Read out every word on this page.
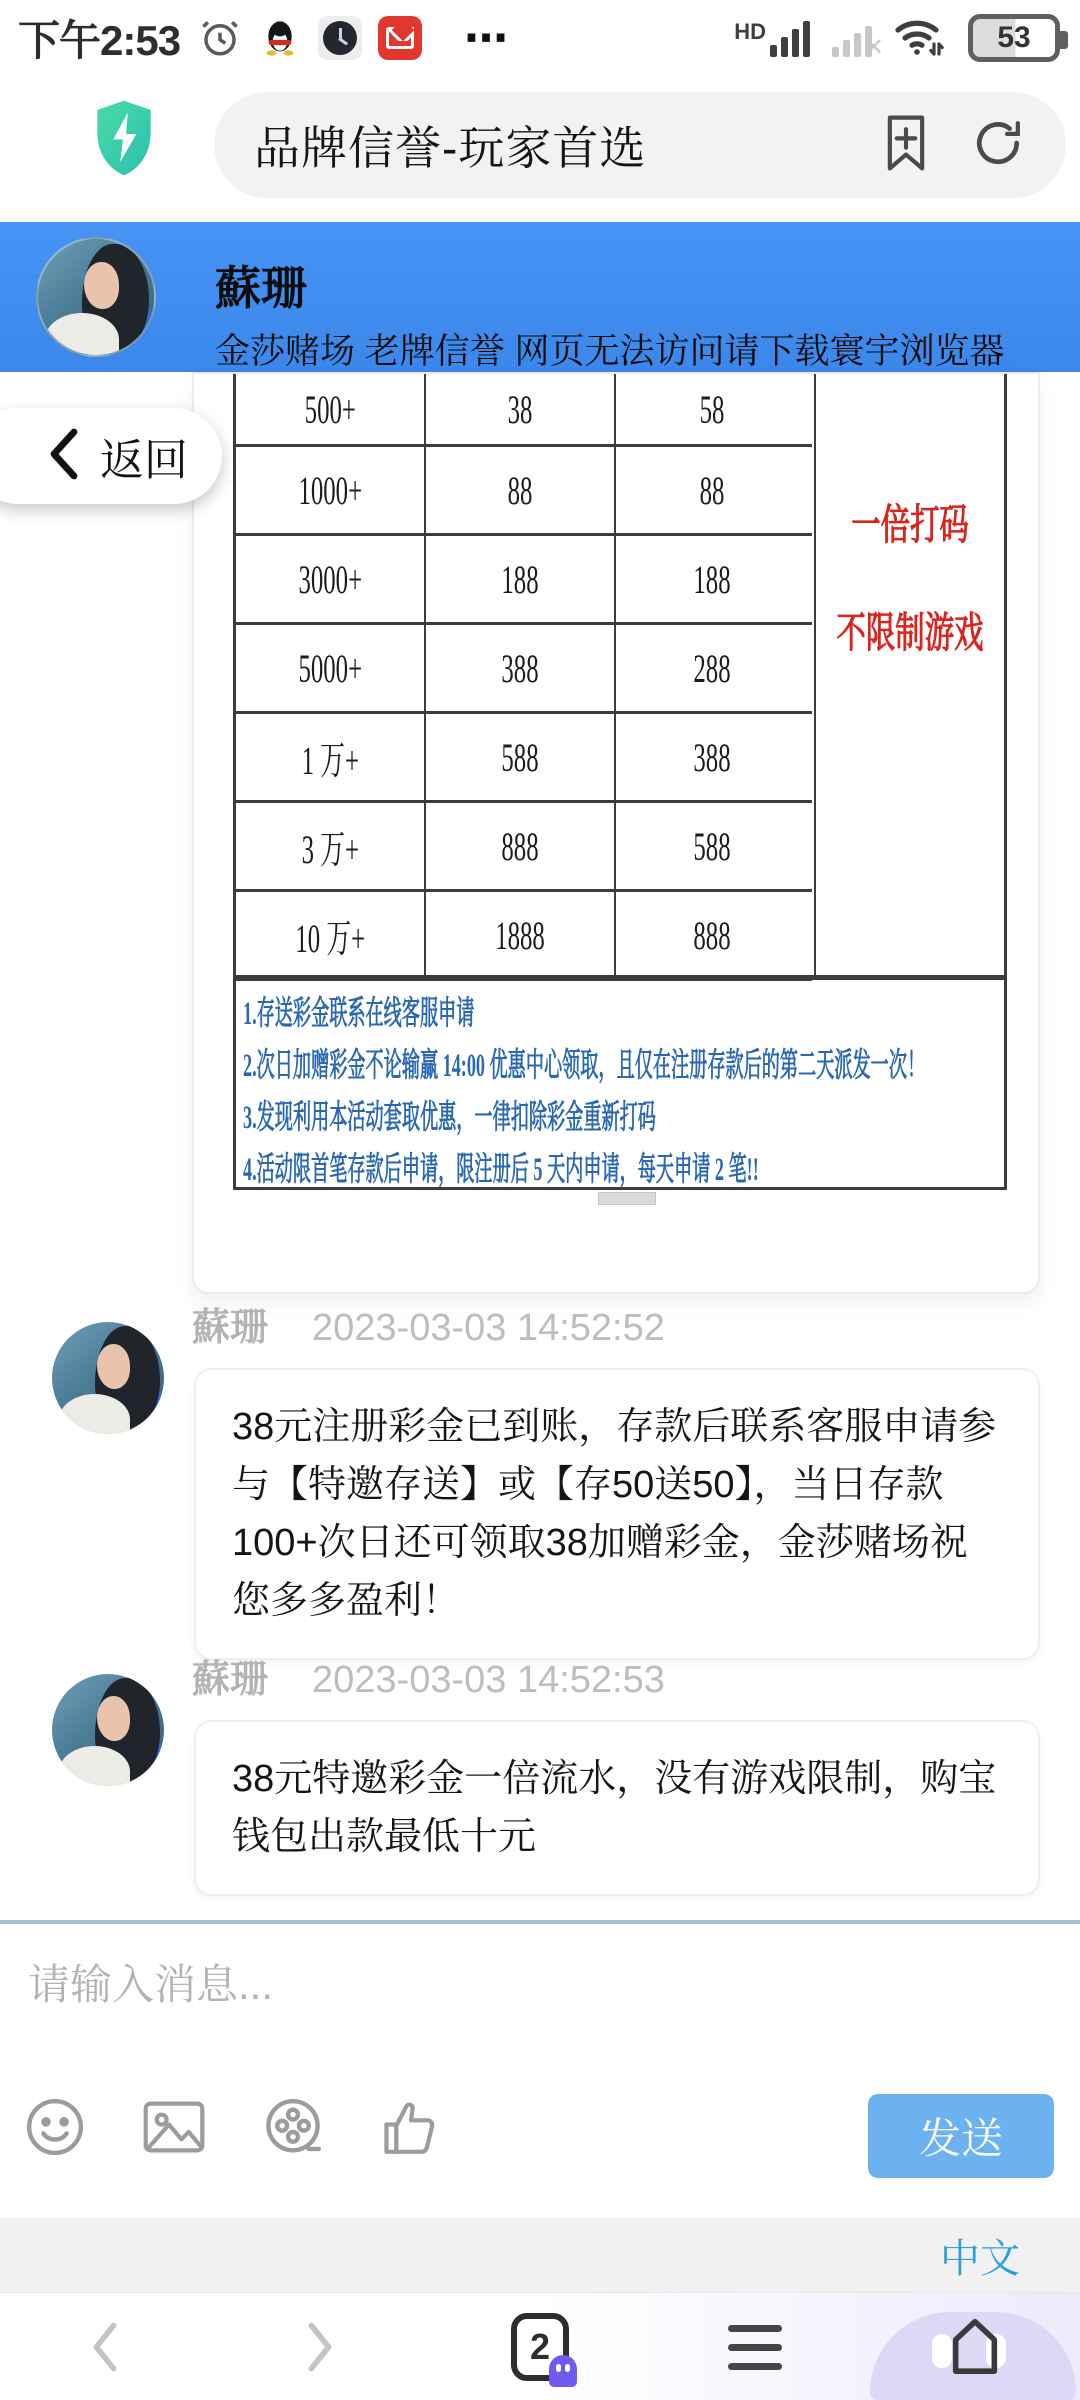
下午2:53	⋯	HD
✕	53
品牌信誉-玩家首选
蘇珊
金莎赌场 老牌信誉 网页无法访问请下载寰宇浏览器
返回
500+	38	58
1000+	88	88
3000+	188	188
5000+	388	288
1 万+	588	388
3 万+	888	588
10 万+	1888	888
一倍打码
不限制游戏
1.存送彩金联系在线客服申请
2.次日加赠彩金不论输赢 14:00 优惠中心领取，且仅在注册存款后的第二天派发一次！
3.发现利用本活动套取优惠，一律扣除彩金重新打码
4.活动限首笔存款后申请，限注册后 5 天内申请，每天申请 2 笔!!
蘇珊 2023-03-03 14:52:52
38元注册彩金已到账，存款后联系客服申请参与【特邀存送】或【存50送50】，当日存款100+次日还可领取38加赠彩金，金莎赌场祝您多多盈利！
蘇珊 2023-03-03 14:52:53
38元特邀彩金一倍流水，没有游戏限制，购宝钱包出款最低十元
请输入消息...
发送
中文
2
